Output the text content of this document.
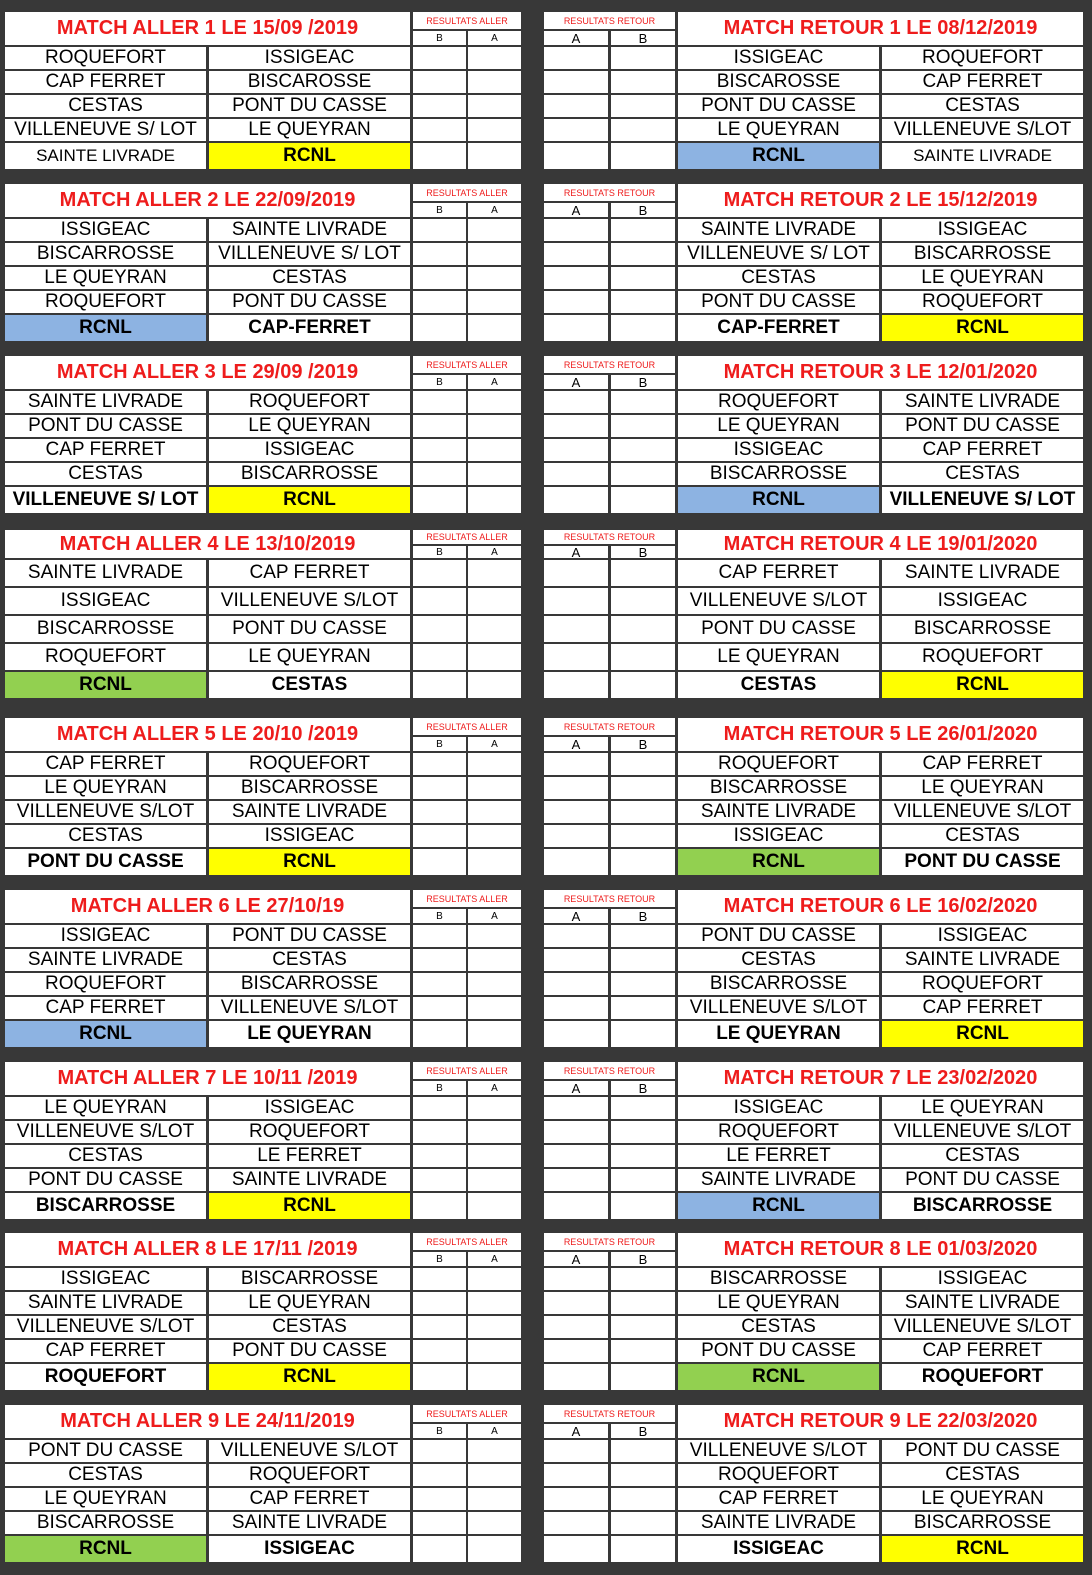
MATCH ALLER 1 LE 15/09 /2019	MATCH RETOUR 1 LE 08/12/2019
RESULTATS ALLER	RESULTATS RETOUR
B	A	A	B
ROQUEFORT	ISSIGEAC	ISSIGEAC	ROQUEFORT
CAP FERRET	BISCAROSSE	BISCAROSSE	CAP FERRET
CESTAS	PONT DU CASSE	PONT DU CASSE	CESTAS
VILLENEUVE S/ LOT	LE QUEYRAN	LE QUEYRAN	VILLENEUVE S/LOT
SAINTE LIVRADE	RCNL	RCNL	SAINTE LIVRADE
MATCH ALLER 2 LE 22/09/2019	MATCH RETOUR 2 LE 15/12/2019
RESULTATS ALLER	RESULTATS RETOUR
B	A	A	B
ISSIGEAC	SAINTE LIVRADE	SAINTE LIVRADE	ISSIGEAC
BISCARROSSE	VILLENEUVE S/ LOT	VILLENEUVE S/ LOT	BISCARROSSE
LE QUEYRAN	CESTAS	CESTAS	LE QUEYRAN
ROQUEFORT	PONT DU CASSE	PONT DU CASSE	ROQUEFORT
RCNL	CAP-FERRET	CAP-FERRET	RCNL
MATCH ALLER 3 LE 29/09 /2019	MATCH RETOUR 3 LE 12/01/2020
RESULTATS ALLER	RESULTATS RETOUR
B	A	A	B
SAINTE LIVRADE	ROQUEFORT	ROQUEFORT	SAINTE LIVRADE
PONT DU CASSE	LE QUEYRAN	LE QUEYRAN	PONT DU CASSE
CAP FERRET	ISSIGEAC	ISSIGEAC	CAP FERRET
CESTAS	BISCARROSSE	BISCARROSSE	CESTAS
VILLENEUVE S/ LOT	RCNL	RCNL	VILLENEUVE S/ LOT
MATCH ALLER 4 LE 13/10/2019	MATCH RETOUR 4 LE 19/01/2020
RESULTATS ALLER	RESULTATS RETOUR
B	A	A	B
SAINTE LIVRADE	CAP FERRET	CAP FERRET	SAINTE LIVRADE
ISSIGEAC	VILLENEUVE S/LOT	VILLENEUVE S/LOT	ISSIGEAC
BISCARROSSE	PONT DU CASSE	PONT DU CASSE	BISCARROSSE
ROQUEFORT	LE QUEYRAN	LE QUEYRAN	ROQUEFORT
RCNL	CESTAS	CESTAS	RCNL
MATCH ALLER 5 LE 20/10 /2019	MATCH RETOUR 5 LE 26/01/2020
RESULTATS ALLER	RESULTATS RETOUR
B	A	A	B
CAP FERRET	ROQUEFORT	ROQUEFORT	CAP FERRET
LE QUEYRAN	BISCARROSSE	BISCARROSSE	LE QUEYRAN
VILLENEUVE S/LOT	SAINTE LIVRADE	SAINTE LIVRADE	VILLENEUVE S/LOT
CESTAS	ISSIGEAC	ISSIGEAC	CESTAS
PONT DU CASSE	RCNL	RCNL	PONT DU CASSE
MATCH ALLER 6 LE 27/10/19	MATCH RETOUR 6 LE 16/02/2020
RESULTATS ALLER	RESULTATS RETOUR
B	A	A	B
ISSIGEAC	PONT DU CASSE	PONT DU CASSE	ISSIGEAC
SAINTE LIVRADE	CESTAS	CESTAS	SAINTE LIVRADE
ROQUEFORT	BISCARROSSE	BISCARROSSE	ROQUEFORT
CAP FERRET	VILLENEUVE S/LOT	VILLENEUVE S/LOT	CAP FERRET
RCNL	LE QUEYRAN	LE QUEYRAN	RCNL
MATCH ALLER 7 LE 10/11 /2019	MATCH RETOUR 7 LE 23/02/2020
RESULTATS ALLER	RESULTATS RETOUR
B	A	A	B
LE QUEYRAN	ISSIGEAC	ISSIGEAC	LE QUEYRAN
VILLENEUVE S/LOT	ROQUEFORT	ROQUEFORT	VILLENEUVE S/LOT
CESTAS	LE FERRET	LE FERRET	CESTAS
PONT DU CASSE	SAINTE LIVRADE	SAINTE LIVRADE	PONT DU CASSE
BISCARROSSE	RCNL	RCNL	BISCARROSSE
MATCH ALLER 8 LE 17/11 /2019	MATCH RETOUR 8 LE 01/03/2020
RESULTATS ALLER	RESULTATS RETOUR
B	A	A	B
ISSIGEAC	BISCARROSSE	BISCARROSSE	ISSIGEAC
SAINTE LIVRADE	LE QUEYRAN	LE QUEYRAN	SAINTE LIVRADE
VILLENEUVE S/LOT	CESTAS	CESTAS	VILLENEUVE S/LOT
CAP FERRET	PONT DU CASSE	PONT DU CASSE	CAP FERRET
ROQUEFORT	RCNL	RCNL	ROQUEFORT
MATCH ALLER 9 LE 24/11/2019	MATCH RETOUR 9 LE 22/03/2020
RESULTATS ALLER	RESULTATS RETOUR
B	A	A	B
PONT DU CASSE	VILLENEUVE S/LOT	VILLENEUVE S/LOT	PONT DU CASSE
CESTAS	ROQUEFORT	ROQUEFORT	CESTAS
LE QUEYRAN	CAP FERRET	CAP FERRET	LE QUEYRAN
BISCARROSSE	SAINTE LIVRADE	SAINTE LIVRADE	BISCARROSSE
RCNL	ISSIGEAC	ISSIGEAC	RCNL
